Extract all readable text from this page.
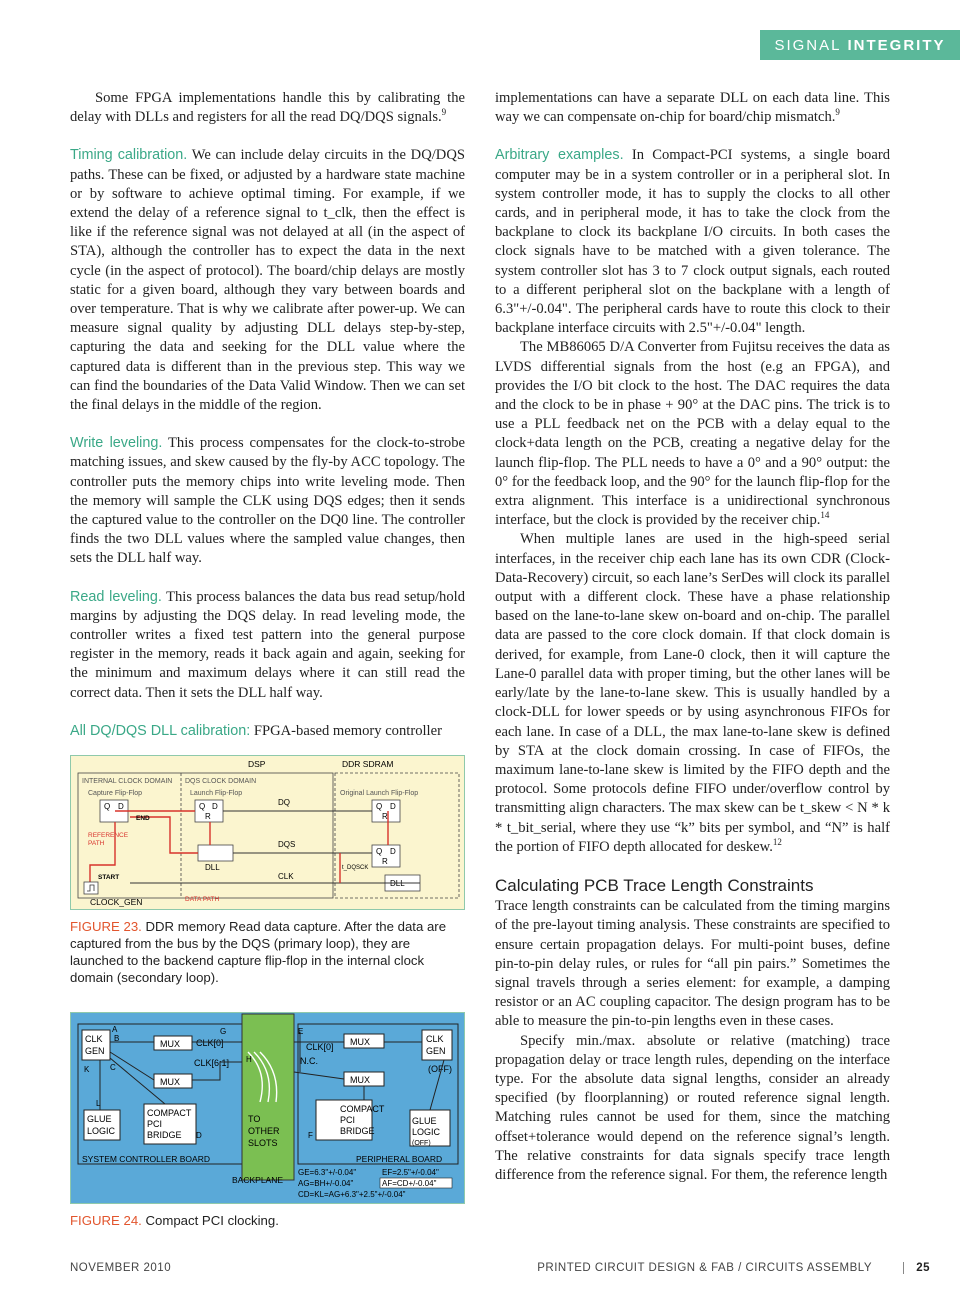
SIGNAL INTEGRITY

Some FPGA implementations handle this by calibrating the delay with DLLs and registers for all the read DQ/DQS signals.$^9$

Timing calibration. We can include delay circuits in the DQ/DQS paths. These can be fixed, or adjusted by a hardware state machine or by software to achieve optimal timing. For example, if we extend the delay of a reference signal to t_clk, then the effect is like if the reference signal was not delayed at all (in the aspect of STA), although the controller has to expect the data in the next cycle (in the aspect of protocol). The board/chip delays are mostly static for a given board, although they vary between boards and over temperature. That is why we calibrate after power-up. We can measure signal quality by adjusting DLL delays step-by-step, capturing the data and seeking for the DLL value where the captured data is different than in the previous step. This way we can find the boundaries of the Data Valid Window. Then we can set the final delays in the middle of the region.

Write leveling. This process compensates for the clock-to-strobe matching issues, and skew caused by the fly-by ACC topology. The controller puts the memory chips into write leveling mode. Then the memory will sample the CLK using DQS edges; then it sends the captured value to the controller on the DQ0 line. The controller finds the two DLL values where the sampled value changes, then sets the DLL half way.

Read leveling. This process balances the data bus read setup/hold margins by adjusting the DQS delay. In read leveling mode, the controller writes a fixed test pattern into the general purpose register in the memory, reads it back again and again, seeking for the minimum and maximum delays where it can still read the correct data. Then it sets the DLL half way.

All DQ/DQS DLL calibration: FPGA-based memory controller

DSP	DDR SDRAM
INTERNAL CLOCK DOMAIN DQS CLOCK DOMAIN
Capture Flip-Flop	Launch Flip-Flop	Original Launch Flip-Flop
Q D	Q D
R
Q D
R
Q D
R
DLL
DLL
DQ
DQS
CLK
END
REFERENCE
PATH
START
CLOCK_GEN	DATA PATH
t_DQSCK
FIGURE 23. DDR memory Read data capture. After the data are captured from the bus by the DQS (primary loop), they are launched to the backend capture flip-flop in the internal clock domain (secondary loop).
CLK
GEN
MUX
MUX
GLUE
LOGIC
COMPACT
PCI
BRIDGE
CLK[0]
CLK[6:1]
TO
OTHER
SLOTS
CLK
GEN
(OFF)
MUX
MUX
CLK[0]
N.C.
COMPACT
PCI
BRIDGE
GLUE
LOGIC
(OFF)
A
B
C
D
E
F
G
H
K
L
SYSTEM CONTROLLER BOARD	PERIPHERAL BOARD
BACKPLANE
GE=6.3"+/-0.04"
AG=BH+/-0.04"
CD=KL=AG+6.3"+2.5"+/-0.04"
EF=2.5"+/-0.04"
AF=CD+/-0.04"
FIGURE 24. Compact PCI clocking.

implementations can have a separate DLL on each data line. This way we can compensate on-chip for board/chip mismatch.$^9$

Arbitrary examples. In Compact-PCI systems, a single board computer may be in a system controller or in a peripheral slot. In system controller mode, it has to supply the clocks to all other cards, and in peripheral mode, it has to take the clock from the backplane to clock its backplane I/O circuits. In both cases the clock signals have to be matched with a given tolerance. The system controller slot has 3 to 7 clock output signals, each routed to a different peripheral slot on the backplane with a length of 6.3"+/-0.04". The peripheral cards have to route this clock to their backplane interface circuits with 2.5"+/-0.04" length.

The MB86065 D/A Converter from Fujitsu receives the data as LVDS differential signals from the host (e.g an FPGA), and provides the I/O bit clock to the host. The DAC requires the data and the clock to be in phase + 90° at the DAC pins. The trick is to use a PLL feedback net on the PCB with a delay equal to the clock+data length on the PCB, creating a negative delay for the launch flip-flop. The PLL needs to have a 0° and a 90° output: the 0° for the feedback loop, and the 90° for the launch flip-flop for the extra alignment. This interface is a unidirectional synchronous interface, but the clock is provided by the receiver chip.$^{14}$

When multiple lanes are used in the high-speed serial interfaces, in the receiver chip each lane has its own CDR (Clock-Data-Recovery) circuit, so each lane’s SerDes will clock its parallel output with a different clock. These have a phase relationship based on the lane-to-lane skew on-board and on-chip. The parallel data are passed to the core clock domain. If that clock domain is derived, for example, from Lane-0 clock, then it will capture the Lane-0 parallel data with proper timing, but the other lanes will be early/late by the lane-to-lane skew. This is usually handled by a clock-DLL for lower speeds or by using asynchronous FIFOs for each lane. In case of a DLL, the max lane-to-lane skew is defined by STA at the clock domain crossing. In case of FIFOs, the maximum lane-to-lane skew is limited by the FIFO depth and the protocol. Some protocols define FIFO under/overflow control by transmitting align characters. The max skew can be t_skew < N * k * t_bit_serial, where they use “k” bits per symbol, and “N” is half the portion of FIFO depth allocated for deskew.$^{12}$

Calculating PCB Trace Length Constraints

Trace length constraints can be calculated from the timing margins of the pre-layout timing analysis. These constraints are specified to ensure certain propagation delays. For multi-point buses, define pin-to-pin delay rules, or rules for “all pin pairs.” Sometimes the signal travels through a series element: for example, a damping resistor or an AC coupling capacitor. The design program has to be able to measure the pin-to-pin lengths even in these cases.

Specify min./max. absolute or relative (matching) trace propagation delay or trace length rules, depending on the interface type. For the absolute data signal lengths, consider an already specified (by floorplanning) or routed reference signal length. Matching rules cannot be used for them, since the matching offset+tolerance would depend on the reference signal’s length. The relative constraints for data signals specify trace length difference from the reference signal. For them, the reference length

NOVEMBER 2010	PRINTED CIRCUIT DESIGN & FAB / CIRCUITS ASSEMBLY	25
